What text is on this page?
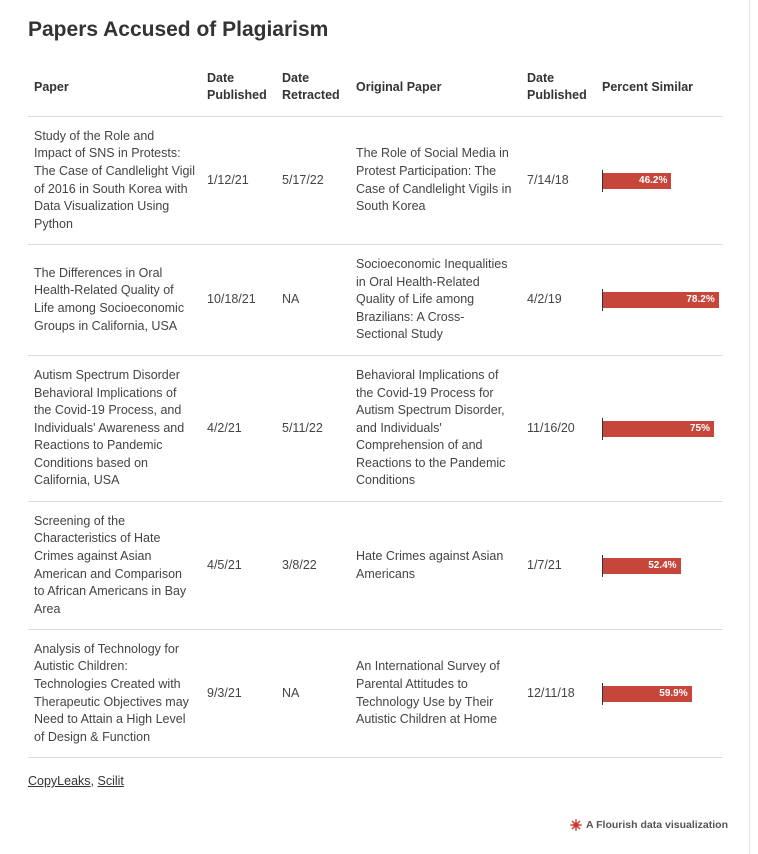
Papers Accused of Plagiarism
Paper	Date Published	Date Retracted	Original Paper	Date Published	Percent Similar
Study of the Role and Impact of SNS in Protests: The Case of Candlelight Vigil of 2016 in South Korea with Data Visualization Using Python	1/12/21	5/17/22	The Role of Social Media in Protest Participation: The Case of Candlelight Vigils in South Korea	7/14/18	46.2%

The Differences in Oral Health-Related Quality of Life among Socioeconomic Groups in California, USA	10/18/21	NA	Socioeconomic Inequalities in Oral Health-Related Quality of Life among Brazilians: A Cross-Sectional Study	4/2/19	78.2%

Autism Spectrum Disorder Behavioral Implications of the Covid-19 Process, and Individuals' Awareness and Reactions to Pandemic Conditions based on California, USA	4/2/21	5/11/22	Behavioral Implications of the Covid-19 Process for Autism Spectrum Disorder, and Individuals' Comprehension of and Reactions to the Pandemic Conditions	11/16/20	75%

Screening of the Characteristics of Hate Crimes against Asian American and Comparison to African Americans in Bay Area	4/5/21	3/8/22	Hate Crimes against Asian Americans	1/7/21	52.4%

Analysis of Technology for Autistic Children: Technologies Created with Therapeutic Objectives may Need to Attain a High Level of Design & Function	9/3/21	NA	An International Survey of Parental Attitudes to Technology Use by Their Autistic Children at Home	12/11/18	59.9%
CopyLeaks, Scilit
A Flourish data visualization
